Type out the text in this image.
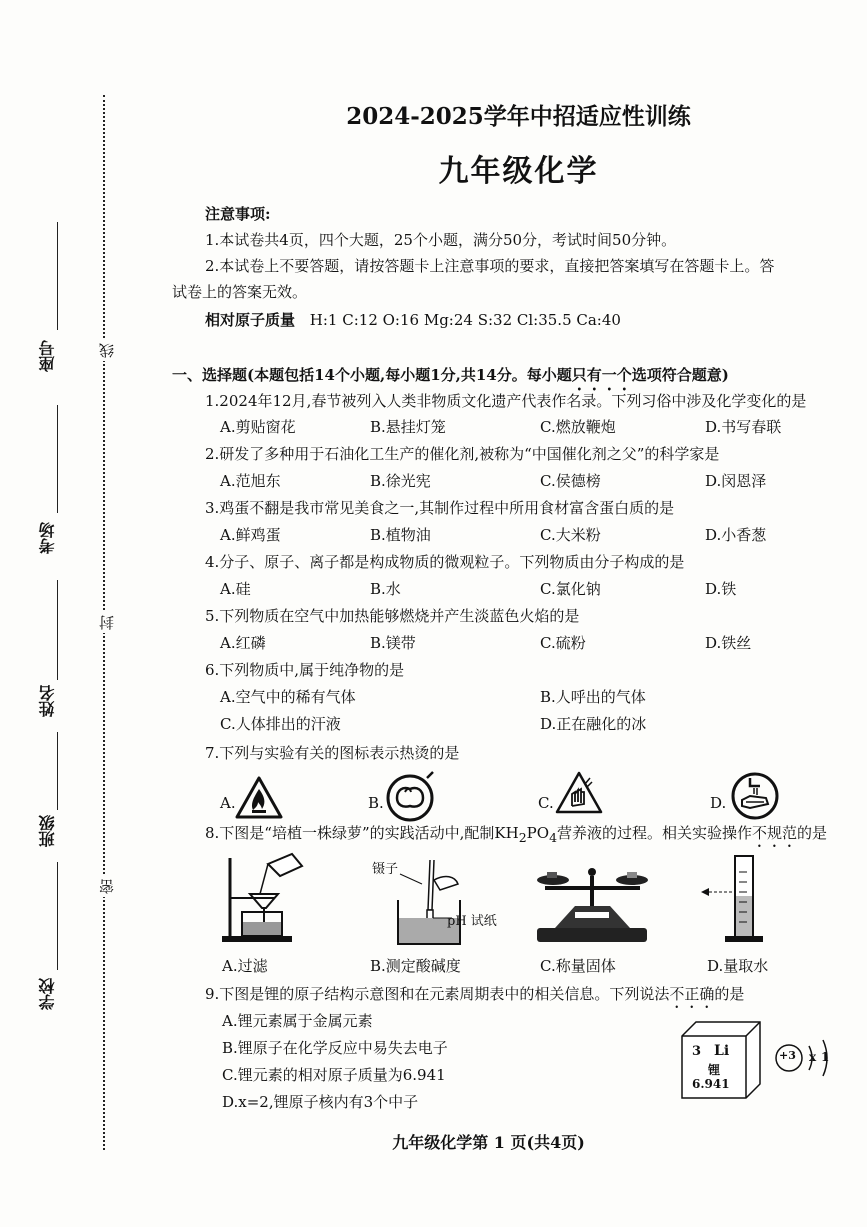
座号
考场
姓名
班级
学校
线
封
密
2024-2025学年中招适应性训练
九年级化学
注意事项:
1.本试卷共4页，四个大题，25个小题，满分50分，考试时间50分钟。
2.本试卷上不要答题，请按答题卡上注意事项的要求，直接把答案填写在答题卡上。答
试卷上的答案无效。
相对原子质量 H:1 C:12 O:16 Mg:24 S:32 Cl:35.5 Ca:40
一、选择题(本题包括14个小题,每小题1分,共14分。每小题只有一个选项符合题意)
1.2024年12月,春节被列入人类非物质文化遗产代表作名录。下列习俗中涉及化学变化的是
A.剪贴窗花	B.悬挂灯笼	C.燃放鞭炮	D.书写春联
2.研发了多种用于石油化工生产的催化剂,被称为“中国催化剂之父”的科学家是
A.范旭东	B.徐光宪	C.侯德榜	D.闵恩泽
3.鸡蛋不翻是我市常见美食之一,其制作过程中所用食材富含蛋白质的是
A.鲜鸡蛋	B.植物油	C.大米粉	D.小香葱
4.分子、原子、离子都是构成物质的微观粒子。下列物质由分子构成的是
A.硅	B.水	C.氯化钠	D.铁
5.下列物质在空气中加热能够燃烧并产生淡蓝色火焰的是
A.红磷	B.镁带	C.硫粉	D.铁丝
6.下列物质中,属于纯净物的是
A.空气中的稀有气体	B.人呼出的气体
C.人体排出的汗液	D.正在融化的冰
7.下列与实验有关的图标表示热烫的是
A.	B.	C.	D.
8.下图是“培植一株绿萝”的实践活动中,配制$KH_2PO_4$营养液的过程。相关实验操作不规范的是
镊子
pH 试纸
A.过滤	B.测定酸碱度	C.称量固体	D.量取水
9.下图是锂的原子结构示意图和在元素周期表中的相关信息。下列说法不正确的是
A.锂元素属于金属元素
B.锂原子在化学反应中易失去电子
C.锂元素的相对原子质量为6.941
D.x=2,锂原子核内有3个中子
3 Li
锂
6.941
+3 x 1
九年级化学第 1 页(共4页)
